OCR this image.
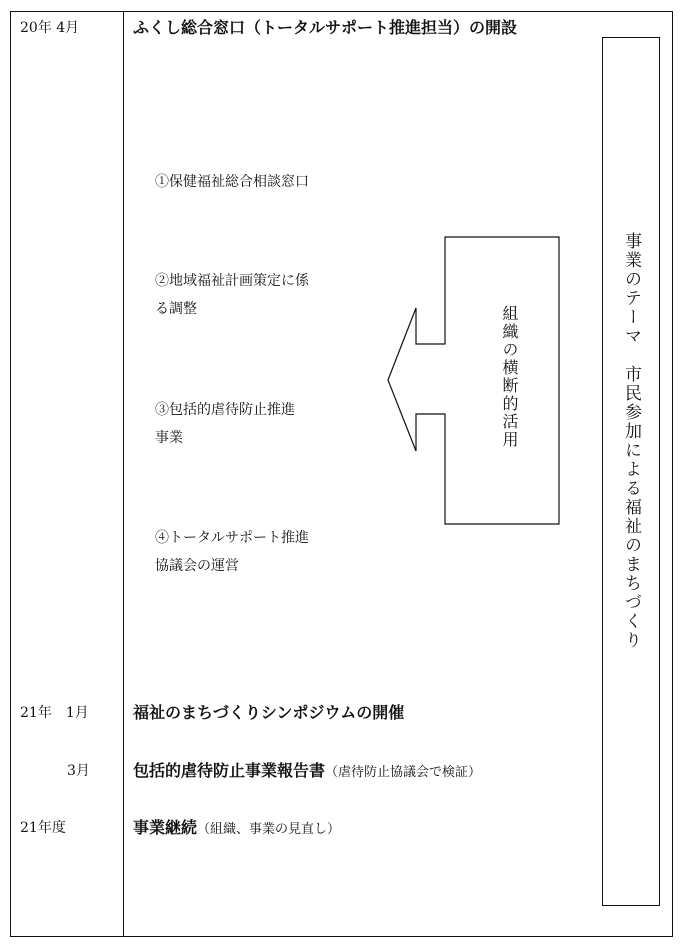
20年 4月	ふくし総合窓口（トータルサポート推進担当）の開設
①保健福祉総合相談窓口
②地域福祉計画策定に係
る調整
③包括的虐待防止推進
事業
④トータルサポート推進
協議会の運営
組織の横断的活用	事業のテーマ　市民参加による福祉のまちづくり
21年　1月	福祉のまちづくりシンポジウムの開催
3月	包括的虐待防止事業報告書（虐待防止協議会で検証）
21年度	事業継続（組織、事業の見直し）
